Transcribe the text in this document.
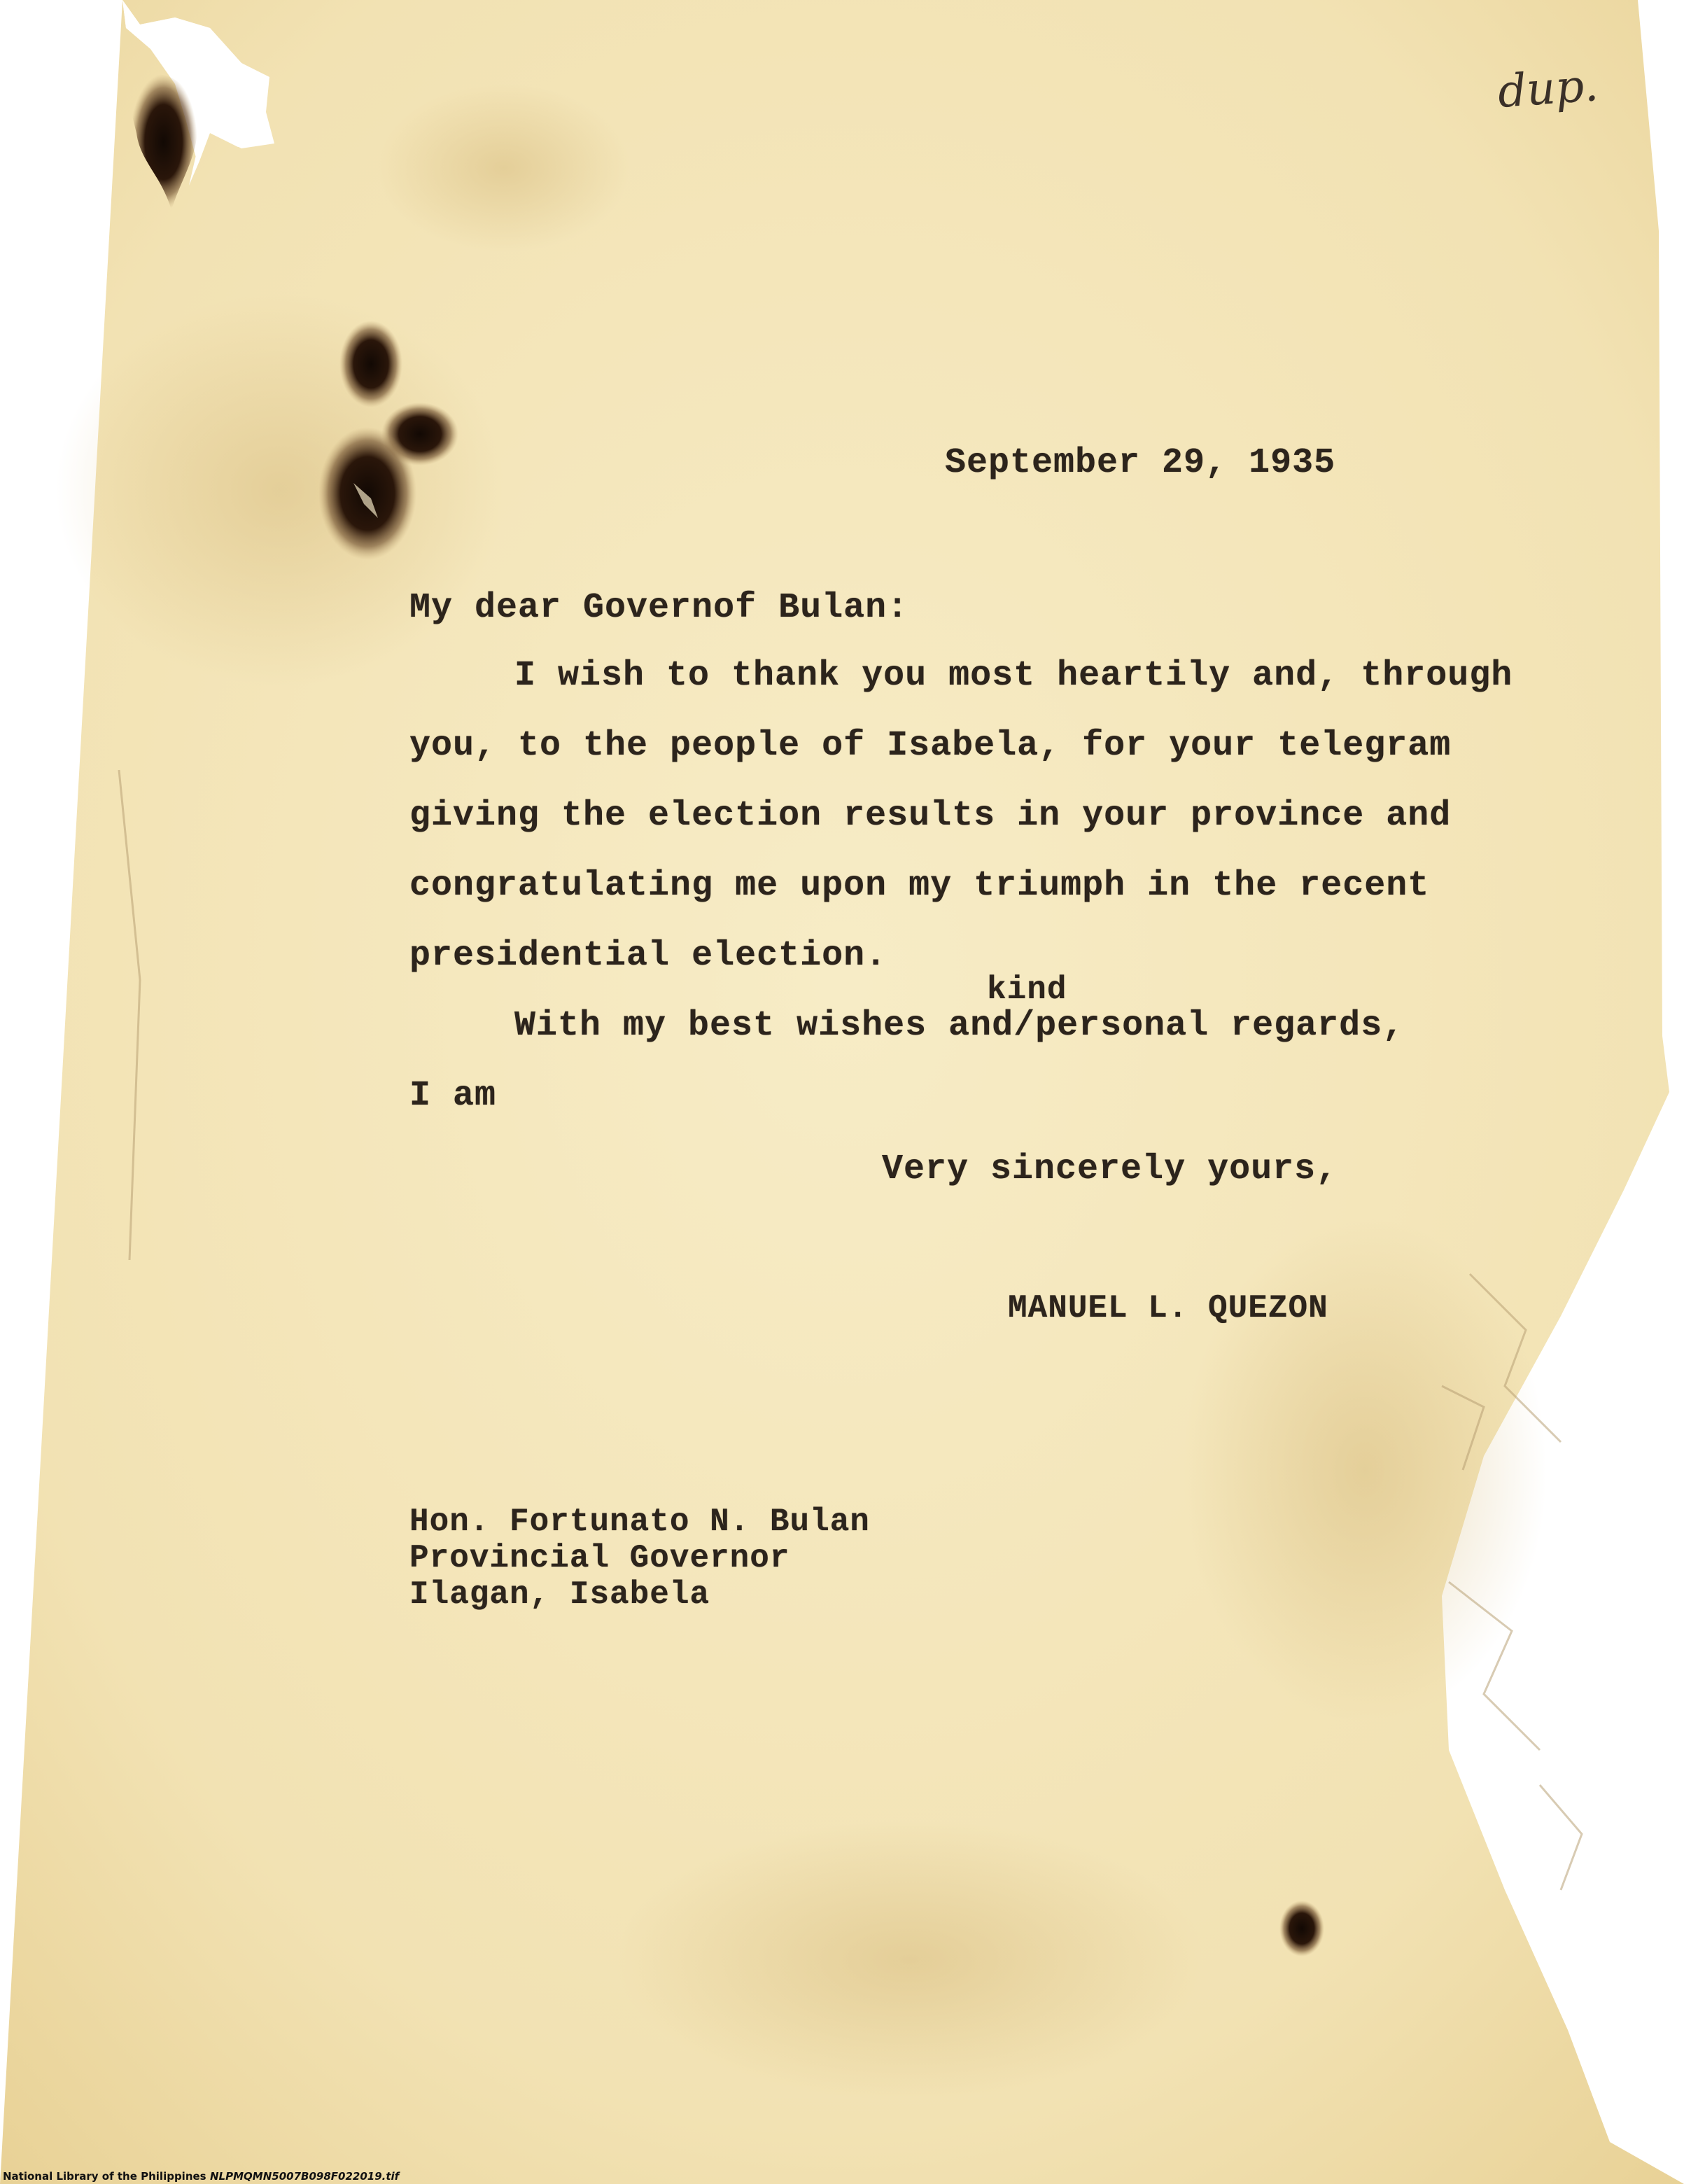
dup.

September 29, 1935

My dear Governof Bulan:

I wish to thank you most heartily and, through

you, to the people of Isabela, for your telegram

giving the election results in your province and

congratulating me upon my triumph in the recent

presidential election.

kind

With my best wishes and/personal regards,

I am

Very sincerely yours,

MANUEL L. QUEZON

Hon. Fortunato N. Bulan

Provincial Governor

Ilagan, Isabela

National Library of the Philippines NLPMQMN5007B098F022019.tif
